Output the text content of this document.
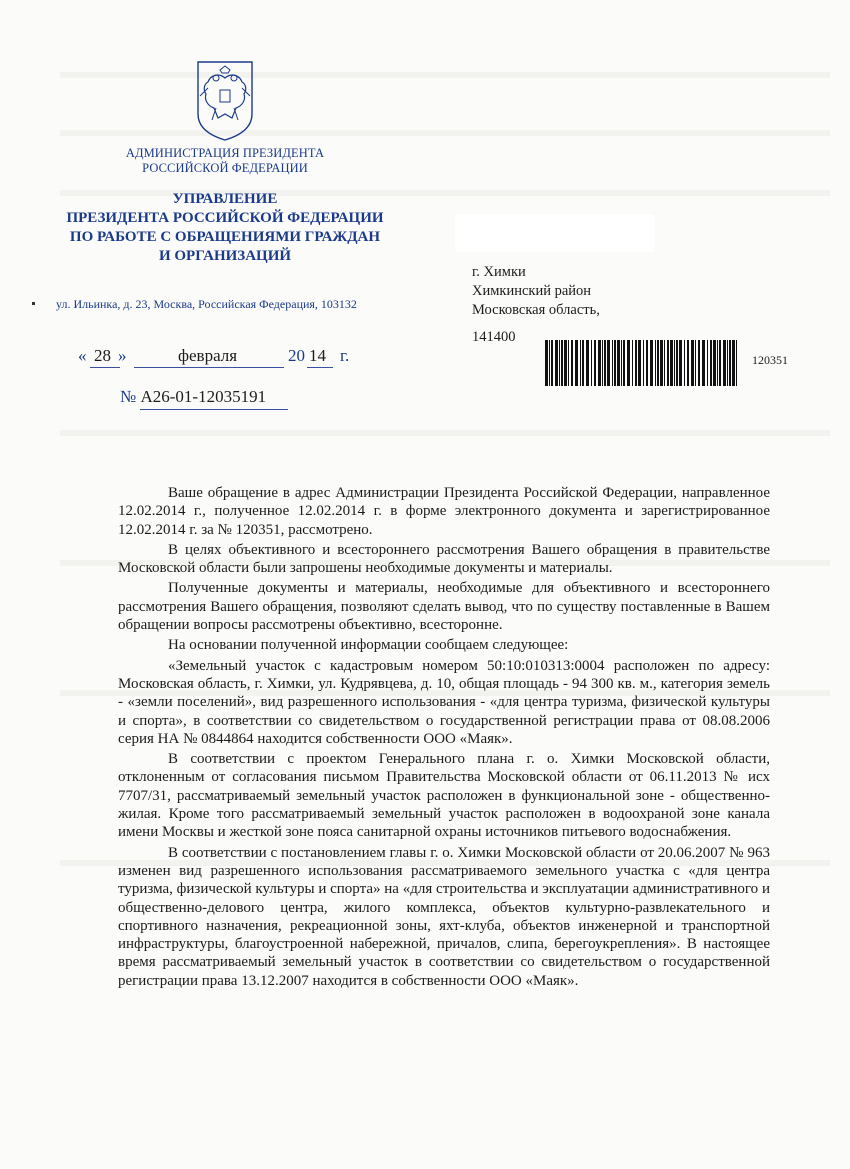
АДМИНИСТРАЦИЯ ПРЕЗИДЕНТА
РОССИЙСКОЙ ФЕДЕРАЦИИ
УПРАВЛЕНИЕ
ПРЕЗИДЕНТА РОССИЙСКОЙ ФЕДЕРАЦИИ
ПО РАБОТЕ С ОБРАЩЕНИЯМИ ГРАЖДАН
И ОРГАНИЗАЦИЙ
ул. Ильинка, д. 23, Москва, Российская Федерация, 103132
г. Химки
Химкинский район
Московская область,
141400
« 28 »	февраля	20 14 г.
№ А26-01-12035191
120351

Ваше обращение в адрес Администрации Президента Российской Федерации, направленное 12.02.2014 г., полученное 12.02.2014 г. в форме электронного документа и зарегистрированное 12.02.2014 г. за № 120351, рассмотрено.

В целях объективного и всестороннего рассмотрения Вашего обращения в правительстве Московской области были запрошены необходимые документы и материалы.

Полученные документы и материалы, необходимые для объективного и всестороннего рассмотрения Вашего обращения, позволяют сделать вывод, что по существу поставленные в Вашем обращении вопросы рассмотрены объективно, всесторонне.

На основании полученной информации сообщаем следующее:

«Земельный участок с кадастровым номером 50:10:010313:0004 расположен по адресу: Московская область, г. Химки, ул. Кудрявцева, д. 10, общая площадь - 94 300 кв. м., категория земель - «земли поселений», вид разрешенного использования - «для центра туризма, физической культуры и спорта», в соответствии со свидетельством о государственной регистрации права от 08.08.2006 серия НА № 0844864 находится собственности ООО «Маяк».

В соответствии с проектом Генерального плана г. о. Химки Московской области, отклоненным от согласования письмом Правительства Московской области от 06.11.2013 № исх 7707/31, рассматриваемый земельный участок расположен в функциональной зоне - общественно-жилая. Кроме того рассматриваемый земельный участок расположен в водоохраной зоне канала имени Москвы и жесткой зоне пояса санитарной охраны источников питьевого водоснабжения.

В соответствии с постановлением главы г. о. Химки Московской области от 20.06.2007 № 963 изменен вид разрешенного использования рассматриваемого земельного участка с «для центра туризма, физической культуры и спорта» на «для строительства и эксплуатации административного и общественно-делового центра, жилого комплекса, объектов культурно-развлекательного и спортивного назначения, рекреационной зоны, яхт-клуба, объектов инженерной и транспортной инфраструктуры, благоустроенной набережной, причалов, слипа, берегоукрепления». В настоящее время рассматриваемый земельный участок в соответствии со свидетельством о государственной регистрации права 13.12.2007 находится в собственности ООО «Маяк».
